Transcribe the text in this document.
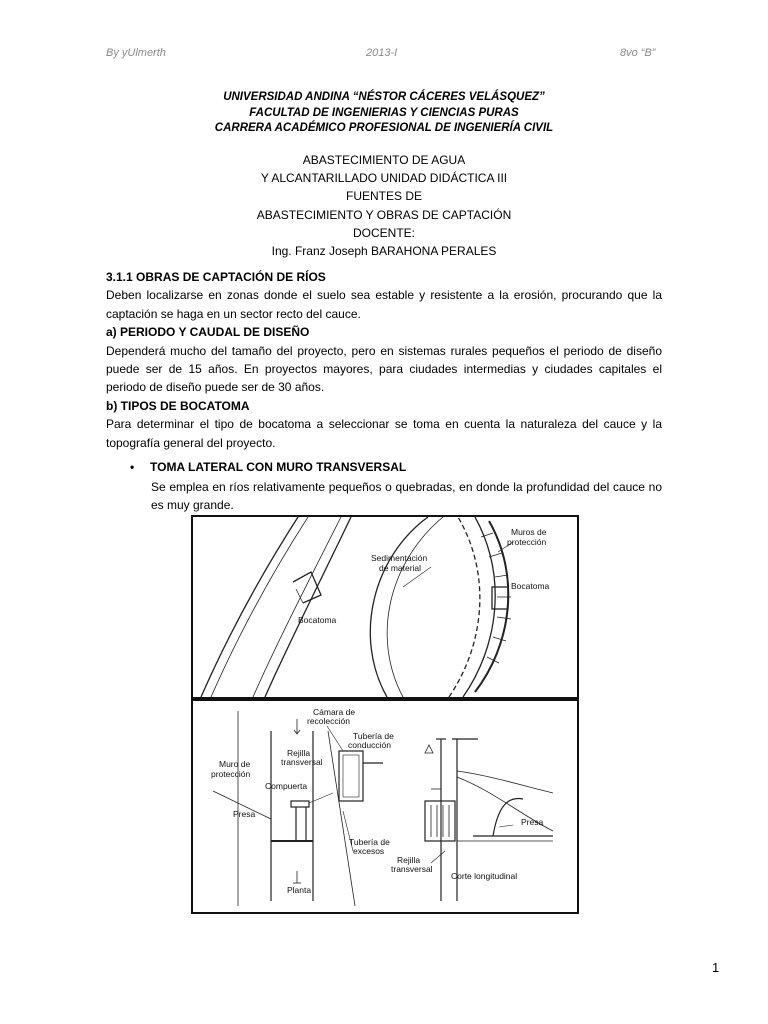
By yUlmerth	2013-I	8vo “B”
UNIVERSIDAD ANDINA “NÉSTOR CÁCERES VELÁSQUEZ”
FACULTAD DE INGENIERIAS Y CIENCIAS PURAS
CARRERA ACADÉMICO PROFESIONAL DE INGENIERÍA CIVIL
ABASTECIMIENTO DE AGUA
Y ALCANTARILLADO UNIDAD DIDÁCTICA III
FUENTES DE
ABASTECIMIENTO Y OBRAS DE CAPTACIÓN
DOCENTE:
Ing. Franz Joseph BARAHONA PERALES

3.1.1 OBRAS DE CAPTACIÓN DE RÍOS

Deben localizarse en zonas donde el suelo sea estable y resistente a la erosión, procurando que la captación se haga en un sector recto del cauce.

a) PERIODO Y CAUDAL DE DISEÑO

Dependerá mucho del tamaño del proyecto, pero en sistemas rurales pequeños el periodo de diseño puede ser de 15 años. En proyectos mayores, para ciudades intermedias y ciudades capitales el periodo de diseño puede ser de 30 años.

b) TIPOS DE BOCATOMA

Para determinar el tipo de bocatoma a seleccionar se toma en cuenta la naturaleza del cauce y la topografía general del proyecto.

• TOMA LATERAL CON MURO TRANSVERSAL
Se emplea en ríos relativamente pequeños o quebradas, en donde la profundidad del cauce no es muy grande.
Bocatoma
Sedimentación
de material
Muros de
protección
Bocatoma
Cámara de
recolección
Tubería de
conducción
Rejilla
transversal
Muro de
protección
Compuerta
Presa
Tubería de
excesos
Rejilla
transversal
Planta
Presa
Corte longitudinal
1
